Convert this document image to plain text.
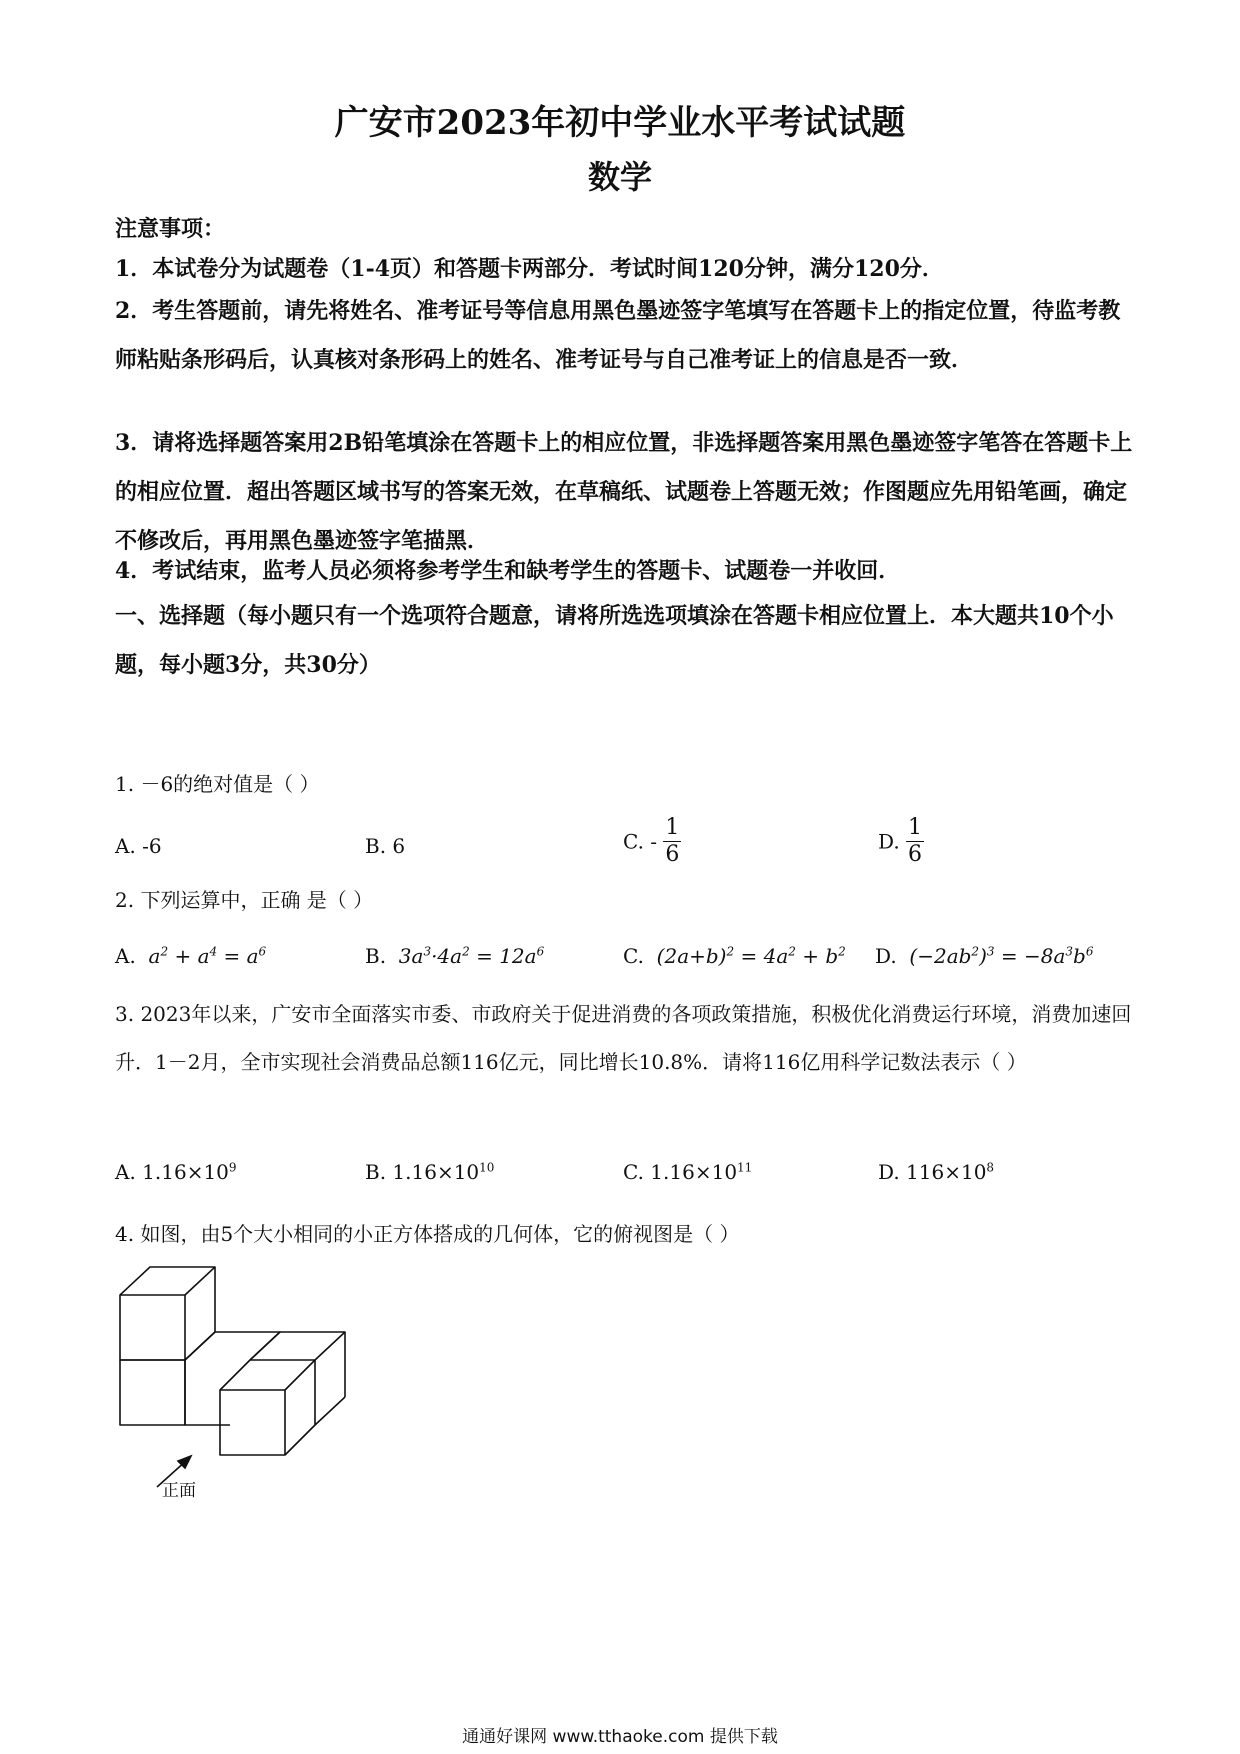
广安市2023年初中学业水平考试试题
数学
注意事项：
1．本试卷分为试题卷（1-4页）和答题卡两部分．考试时间120分钟，满分120分．
2．考生答题前，请先将姓名、准考证号等信息用黑色墨迹签字笔填写在答题卡上的指定位置，待监考教师粘贴条形码后，认真核对条形码上的姓名、准考证号与自己准考证上的信息是否一致．
3．请将选择题答案用2B铅笔填涂在答题卡上的相应位置，非选择题答案用黑色墨迹签字笔答在答题卡上的相应位置．超出答题区域书写的答案无效，在草稿纸、试题卷上答题无效；作图题应先用铅笔画，确定不修改后，再用黑色墨迹签字笔描黑．
4．考试结束，监考人员必须将参考学生和缺考学生的答题卡、试题卷一并收回．
一、选择题（每小题只有一个选项符合题意，请将所选选项填涂在答题卡相应位置上．本大题共10个小题，每小题3分，共30分）
1. －6的绝对值是（ ）
A. -6	B. 6	C. - $\frac{1}{6}$	D. $\frac{1}{6}$
2. 下列运算中，正确 是（ ）
A.  $a^2 + a^4 = a^6$	B.  $3a^3\cdot 4a^2 = 12a^6$	C.  $(2a+b)^2 = 4a^2 + b^2$ D.  $(-2ab^2)^3 = -8a^3b^6$
3. 2023年以来，广安市全面落实市委、市政府关于促进消费的各项政策措施，积极优化消费运行环境，消费加速回升．1－2月，全市实现社会消费品总额116亿元，同比增长10.8%．请将116亿用科学记数法表示（ ）
A. $1.16\times 10^9$	B. $1.16\times 10^{10}$	C. $1.16\times 10^{11}$	D. $116\times 10^8$
4. 如图，由5个大小相同的小正方体搭成的几何体，它的俯视图是（ ）
正面
通通好课网 www.tthaoke.com 提供下载
